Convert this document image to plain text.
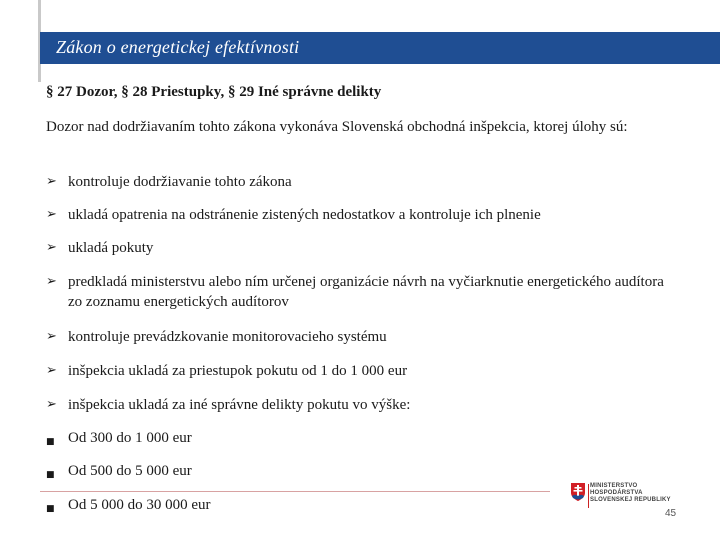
Zákon o energetickej efektívnosti
§ 27 Dozor, § 28 Priestupky, § 29 Iné správne delikty
Dozor nad dodržiavaním tohto zákona vykonáva Slovenská obchodná inšpekcia, ktorej úlohy sú:
➢ kontroluje dodržiavanie tohto zákona
➢ ukladá opatrenia na odstránenie zistených nedostatkov a kontroluje ich plnenie
➢ ukladá pokuty
➢ predkladá ministerstvu alebo ním určenej organizácie návrh na vyčiarknutie energetického audítora zo zoznamu energetických audítorov
➢ kontroluje prevádzkovanie monitorovacieho systému
➢ inšpekcia ukladá za priestupok pokutu od 1 do 1 000 eur
➢ inšpekcia ukladá za iné správne delikty pokutu vo výške:
■ Od 300 do 1 000 eur
■ Od 500 do 5 000 eur
■ Od 5 000 do 30 000 eur
MINISTERSTVO
HOSPODÁRSTVA
SLOVENSKEJ REPUBLIKY
45
